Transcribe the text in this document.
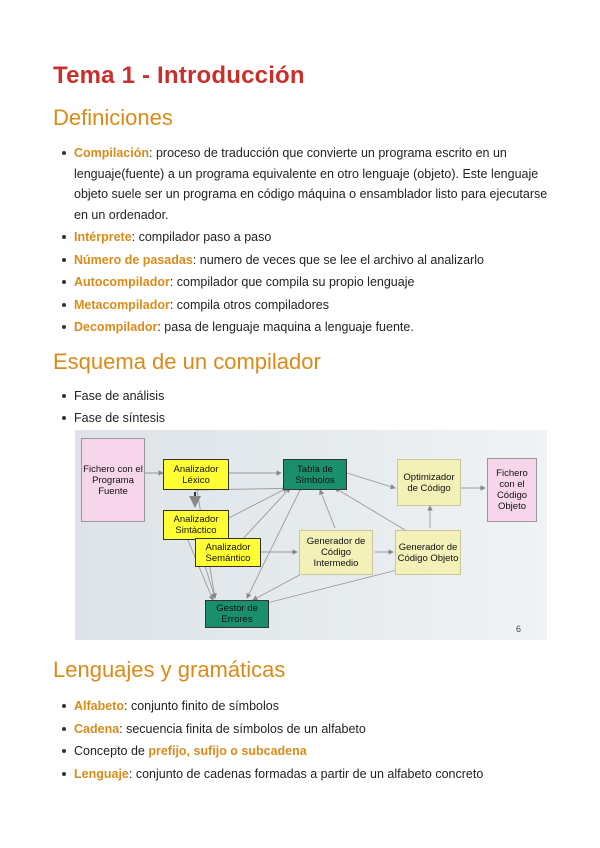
Tema 1 - Introducción
Definiciones
Compilación: proceso de traducción que convierte un programa escrito en un lenguaje(fuente) a un programa equivalente en otro lenguaje (objeto). Este lenguaje objeto suele ser un programa en código máquina o ensamblador listo para ejecutarse en un ordenador.
Intérprete: compilador paso a paso
Número de pasadas: numero de veces que se lee el archivo al analizarlo
Autocompilador: compilador que compila su propio lenguaje
Metacompilador: compila otros compiladores
Decompilador: pasa de lenguaje maquina a lenguaje fuente.
Esquema de un compilador
Fase de análisis
Fase de síntesis
Fichero con el Programa Fuente
Analizador Léxico
Tabla de Símbolos	Optimizador de Código
Fichero con el Código Objeto
Analizador Sintáctico
Analizador Semántico
Generador de Código Intermedio
Generador de Código Objeto
Gestor de Errores
6
Lenguajes y gramáticas
Alfabeto: conjunto finito de símbolos
Cadena: secuencia finita de símbolos de un alfabeto
Concepto de prefijo, sufijo o subcadena
Lenguaje: conjunto de cadenas formadas a partir de un alfabeto concreto
